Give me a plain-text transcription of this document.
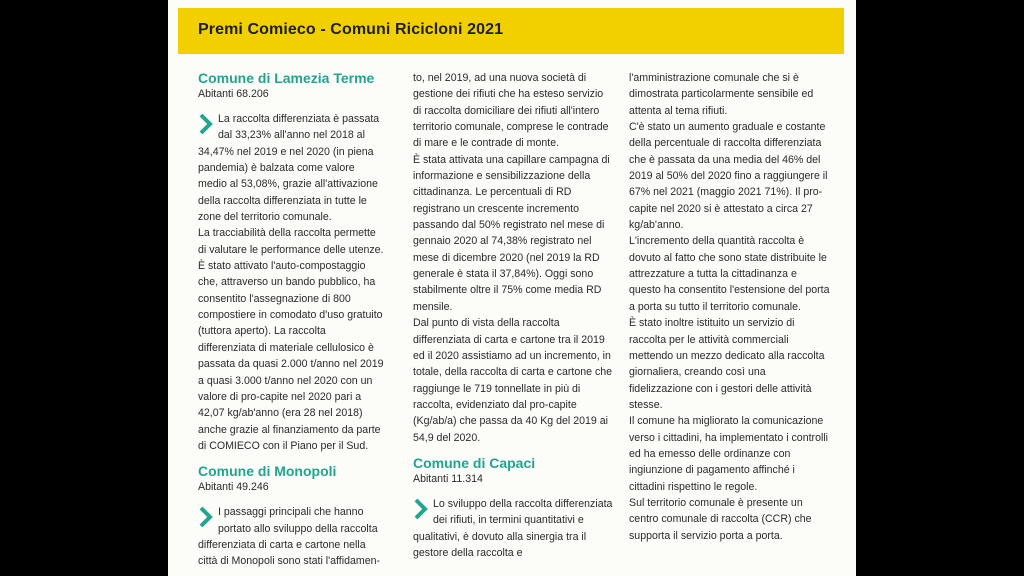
Premi Comieco - Comuni Ricicloni 2021

Comune di Lamezia Terme

Abitanti 68.206

La raccolta differenziata è passata dal 33,23% all'anno nel 2018 al 34,47% nel 2019 e nel 2020 (in piena pandemia) è balzata come valore medio al 53,08%, grazie all'attivazione della raccolta differenziata in tutte le zone del territorio comunale.

La tracciabilità della raccolta permette di valutare le performance delle utenze. È stato attivato l'auto-compostaggio che, attraverso un bando pubblico, ha consentito l'assegnazione di 800 compostiere in comodato d'uso gratuito (tuttora aperto). La raccolta differenziata di materiale cellulosico è passata da quasi 2.000 t/anno nel 2019 a quasi 3.000 t/anno nel 2020 con un valore di pro-capite nel 2020 pari a 42,07 kg/ab'anno (era 28 nel 2018) anche grazie al finanziamento da parte di COMIECO con il Piano per il Sud.

Comune di Monopoli

Abitanti 49.246

I passaggi principali che hanno portato allo sviluppo della raccolta differenziata di carta e cartone nella città di Monopoli sono stati l'affidamen-

to, nel 2019, ad una nuova società di gestione dei rifiuti che ha esteso servizio di raccolta domiciliare dei rifiuti all'intero territorio comunale, comprese le contrade di mare e le contrade di monte.

È stata attivata una capillare campagna di informazione e sensibilizzazione della cittadinanza. Le percentuali di RD registrano un crescente incremento passando dal 50% registrato nel mese di gennaio 2020 al 74,38% registrato nel mese di dicembre 2020 (nel 2019 la RD generale è stata il 37,84%). Oggi sono stabilmente oltre il 75% come media RD mensile.

Dal punto di vista della raccolta differenziata di carta e cartone tra il 2019 ed il 2020 assistiamo ad un incremento, in totale, della raccolta di carta e cartone che raggiunge le 719 tonnellate in più di raccolta, evidenziato dal pro-capite (Kg/ab/a) che passa da 40 Kg del 2019 ai 54,9 del 2020.

Comune di Capaci

Abitanti 11.314

Lo sviluppo della raccolta differenziata dei rifiuti, in termini quantitativi e qualitativi, è dovuto alla sinergia tra il gestore della raccolta e

l'amministrazione comunale che si è dimostrata particolarmente sensibile ed attenta al tema rifiuti.

C'è stato un aumento graduale e costante della percentuale di raccolta differenziata che è passata da una media del 46% del 2019 al 50% del 2020 fino a raggiungere il 67% nel 2021 (maggio 2021 71%). Il pro-capite nel 2020 si è attestato a circa 27 kg/ab'anno.

L'incremento della quantità raccolta è dovuto al fatto che sono state distribuite le attrezzature a tutta la cittadinanza e questo ha consentito l'estensione del porta a porta su tutto il territorio comunale.

È stato inoltre istituito un servizio di raccolta per le attività commerciali mettendo un mezzo dedicato alla raccolta giornaliera, creando così una fidelizzazione con i gestori delle attività stesse.

Il comune ha migliorato la comunicazione verso i cittadini, ha implementato i controlli ed ha emesso delle ordinanze con ingiunzione di pagamento affinché i cittadini rispettino le regole.

Sul territorio comunale è presente un centro comunale di raccolta (CCR) che supporta il servizio porta a porta.
